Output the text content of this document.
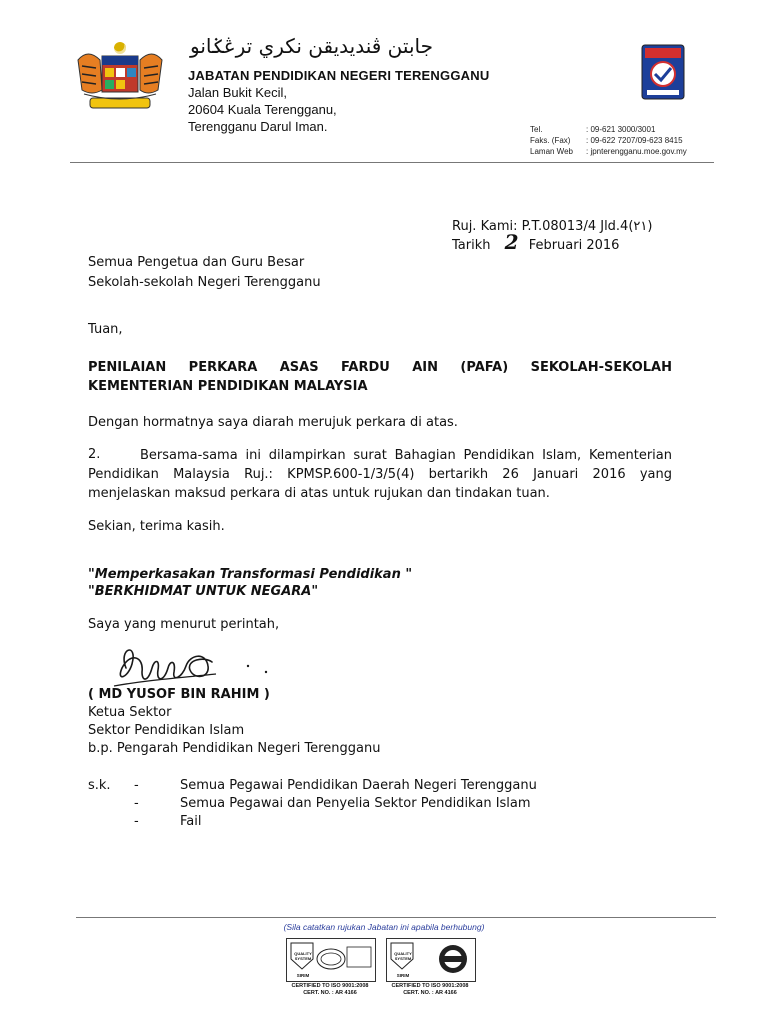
جابتن ڤنديديقن نكري ترڠݢانو
JABATAN PENDIDIKAN NEGERI TERENGGANU
Jalan Bukit Kecil,
20604 Kuala Terengganu,
Terengganu Darul Iman.	Tel.	: 09-621 3000/3001
Faks. (Fax)	: 09-622 7207/09-623 8415
Laman Web	: jpnterengganu.moe.gov.my
Ruj. Kami: P.T.08013/4 Jld.4(٢١)
Tarikh 2 Februari 2016
Semua Pengetua dan Guru Besar
Sekolah-sekolah Negeri Terengganu
Tuan,
PENILAIAN PERKARA ASAS FARDU AIN (PAFA) SEKOLAH-SEKOLAH KEMENTERIAN PENDIDIKAN MALAYSIA
Dengan hormatnya saya diarah merujuk perkara di atas.
2.	Bersama-sama ini dilampirkan surat Bahagian Pendidikan Islam, Kementerian Pendidikan Malaysia Ruj.: KPMSP.600-1/3/5(4) bertarikh 26 Januari 2016 yang menjelaskan maksud perkara di atas untuk rujukan dan tindakan tuan.
Sekian, terima kasih.
"Memperkasakan Transformasi Pendidikan "
"BERKHIDMAT UNTUK NEGARA"
Saya yang menurut perintah,
( MD YUSOF BIN RAHIM )
Ketua Sektor
Sektor Pendidikan Islam
b.p. Pengarah Pendidikan Negeri Terengganu
s.k. -	Semua Pegawai Pendidikan Daerah Negeri Terengganu
-	Semua Pegawai dan Penyelia Sektor Pendidikan Islam
-	Fail
(Sila catatkan rujukan Jabatan ini apabila berhubung)
QUALITY SYSTEM
SIRIM
CERTIFIED TO ISO 9001:2008
CERT. NO. : AR 4166
QUALITY SYSTEM
SIRIM
CERTIFIED TO ISO 9001:2008
CERT. NO. : AR 4166
